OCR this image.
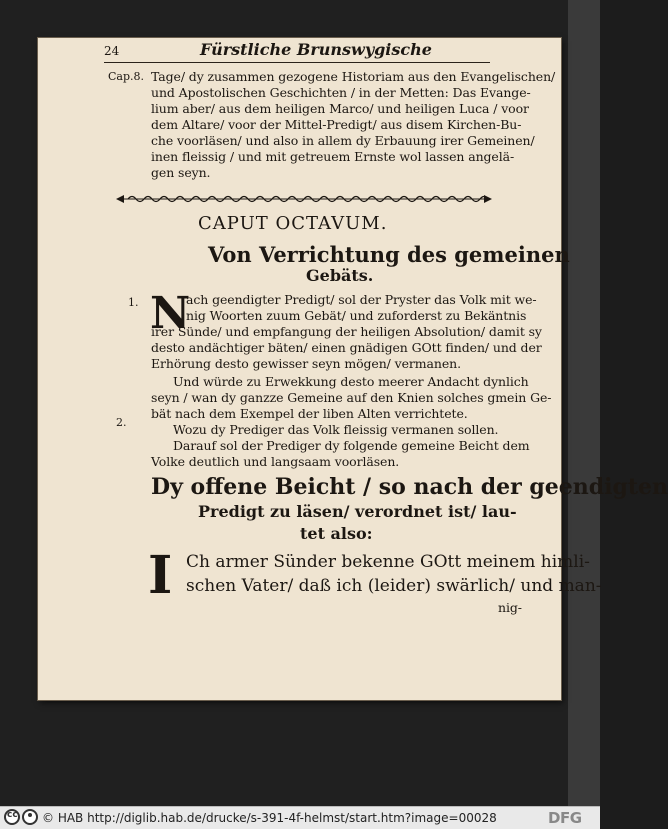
24	Fürstliche Brunswygische
Cap.8. Tage/ dy zusammen gezogene Historiam aus den Evangelischen/
und Apostolischen Geschichten / in der Metten: Das Evange-
lium aber/ aus dem heiligen Marco/ und heiligen Luca / voor
dem Altare/ voor der Mittel-Predigt/ aus disem Kirchen-Bu-
che voorläsen/ und also in allem dy Erbauung irer Gemeinen/
inen fleissig / und mit getreuem Ernste wol lassen angelä-
gen seyn.
CAPUT OCTAVUM.
Von Verrichtung des gemeinen
Gebäts.
1. N
ach geendigter Predigt/ sol der Pryster das Volk mit we-
nig Woorten zuum Gebät/ und zuforderst zu Bekäntnis
irer Sünde/ und empfangung der heiligen Absolution/ damit sy
desto andächtiger bäten/ einen gnädigen GOtt finden/ und der
Erhörung desto gewisser seyn mögen/ vermanen.
2.
Und würde zu Erwekkung desto meerer Andacht dynlich
seyn / wan dy ganzze Gemeine auf den Knien solches gmein Ge-
bät nach dem Exempel der liben Alten verrichtete.
Wozu dy Prediger das Volk fleissig vermanen sollen.
Darauf sol der Prediger dy folgende gemeine Beicht dem
Volke deutlich und langsaam voorläsen.
Dy offene Beicht / so nach der geendigten
Predigt zu läsen/ verordnet ist/ lau-
tet also:
I Ch armer Sünder bekenne GOtt meinem himli-
schen Vater/ daß ich (leider) swärlich/ und man-
nig-
cc
© HAB http://diglib.hab.de/drucke/s-391-4f-helmst/start.htm?image=00028	DFG
